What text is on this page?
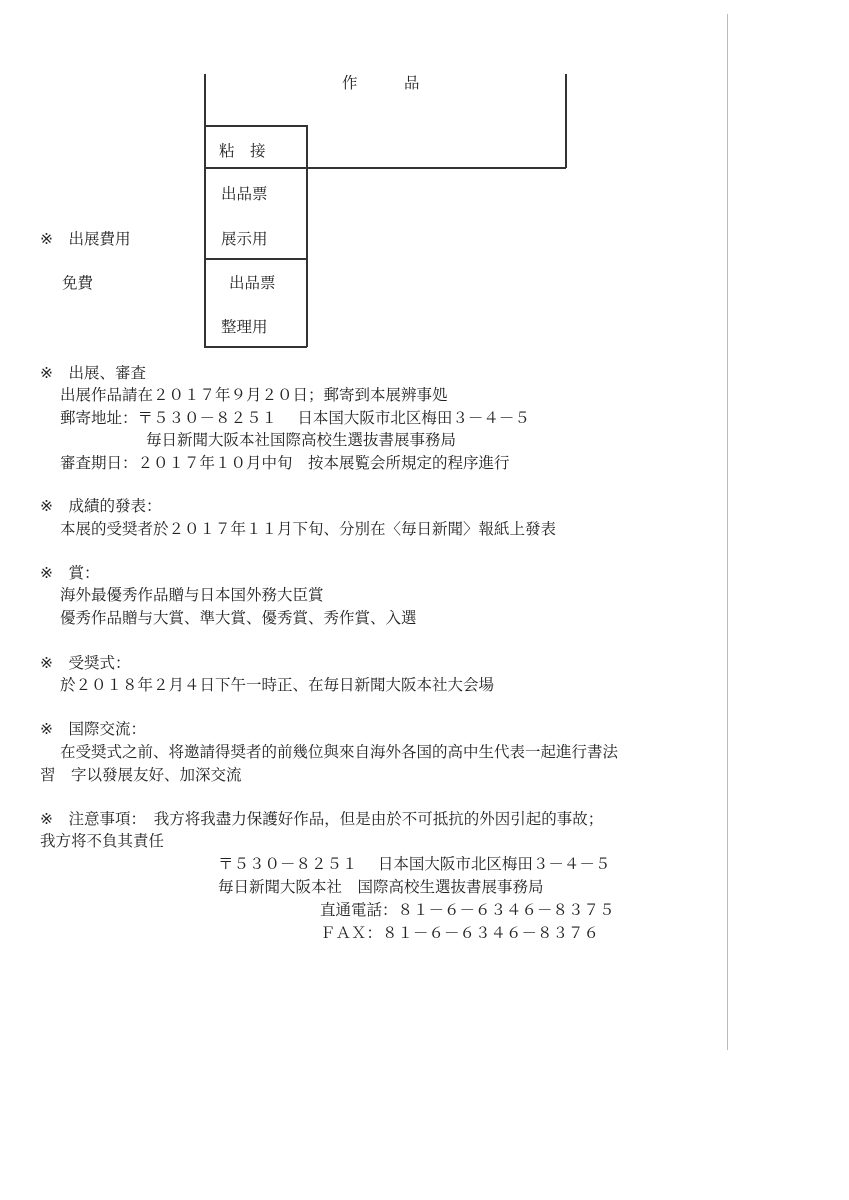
作　　　品
粘　接
出品票
展示用
出品票
整理用
※　出展費用
免費
※　出展、審査
出展作品請在２０１７年９月２０日；郵寄到本展辨事処
郵寄地址：〒５３０－８２５１　 日本国大阪市北区梅田３－４－５
毎日新聞大阪本社国際高校生選抜書展事務局
審査期日：２０１７年１０月中旬　按本展覧会所規定的程序進行
※　成績的發表：
本展的受奨者於２０１７年１１月下旬、分別在〈毎日新聞〉報紙上發表
※　賞：
海外最優秀作品贈与日本国外務大臣賞
優秀作品贈与大賞、準大賞、優秀賞、秀作賞、入選
※　受奨式：
於２０１８年２月４日下午一時正、在毎日新聞大阪本社大会場
※　国際交流：
在受奨式之前、将邀請得奨者的前幾位與來自海外各国的高中生代表一起進行書法
習　字以發展友好、加深交流
※　注意事項：　我方将我盡力保護好作品，但是由於不可抵抗的外因引起的事故；
我方将不負其責任
〒５３０－８２５１　 日本国大阪市北区梅田３－４－５
毎日新聞大阪本社　国際高校生選抜書展事務局
直通電話：８１－６－６３４６－８３７５
ＦＡＸ：８１－６－６３４６－８３７６
